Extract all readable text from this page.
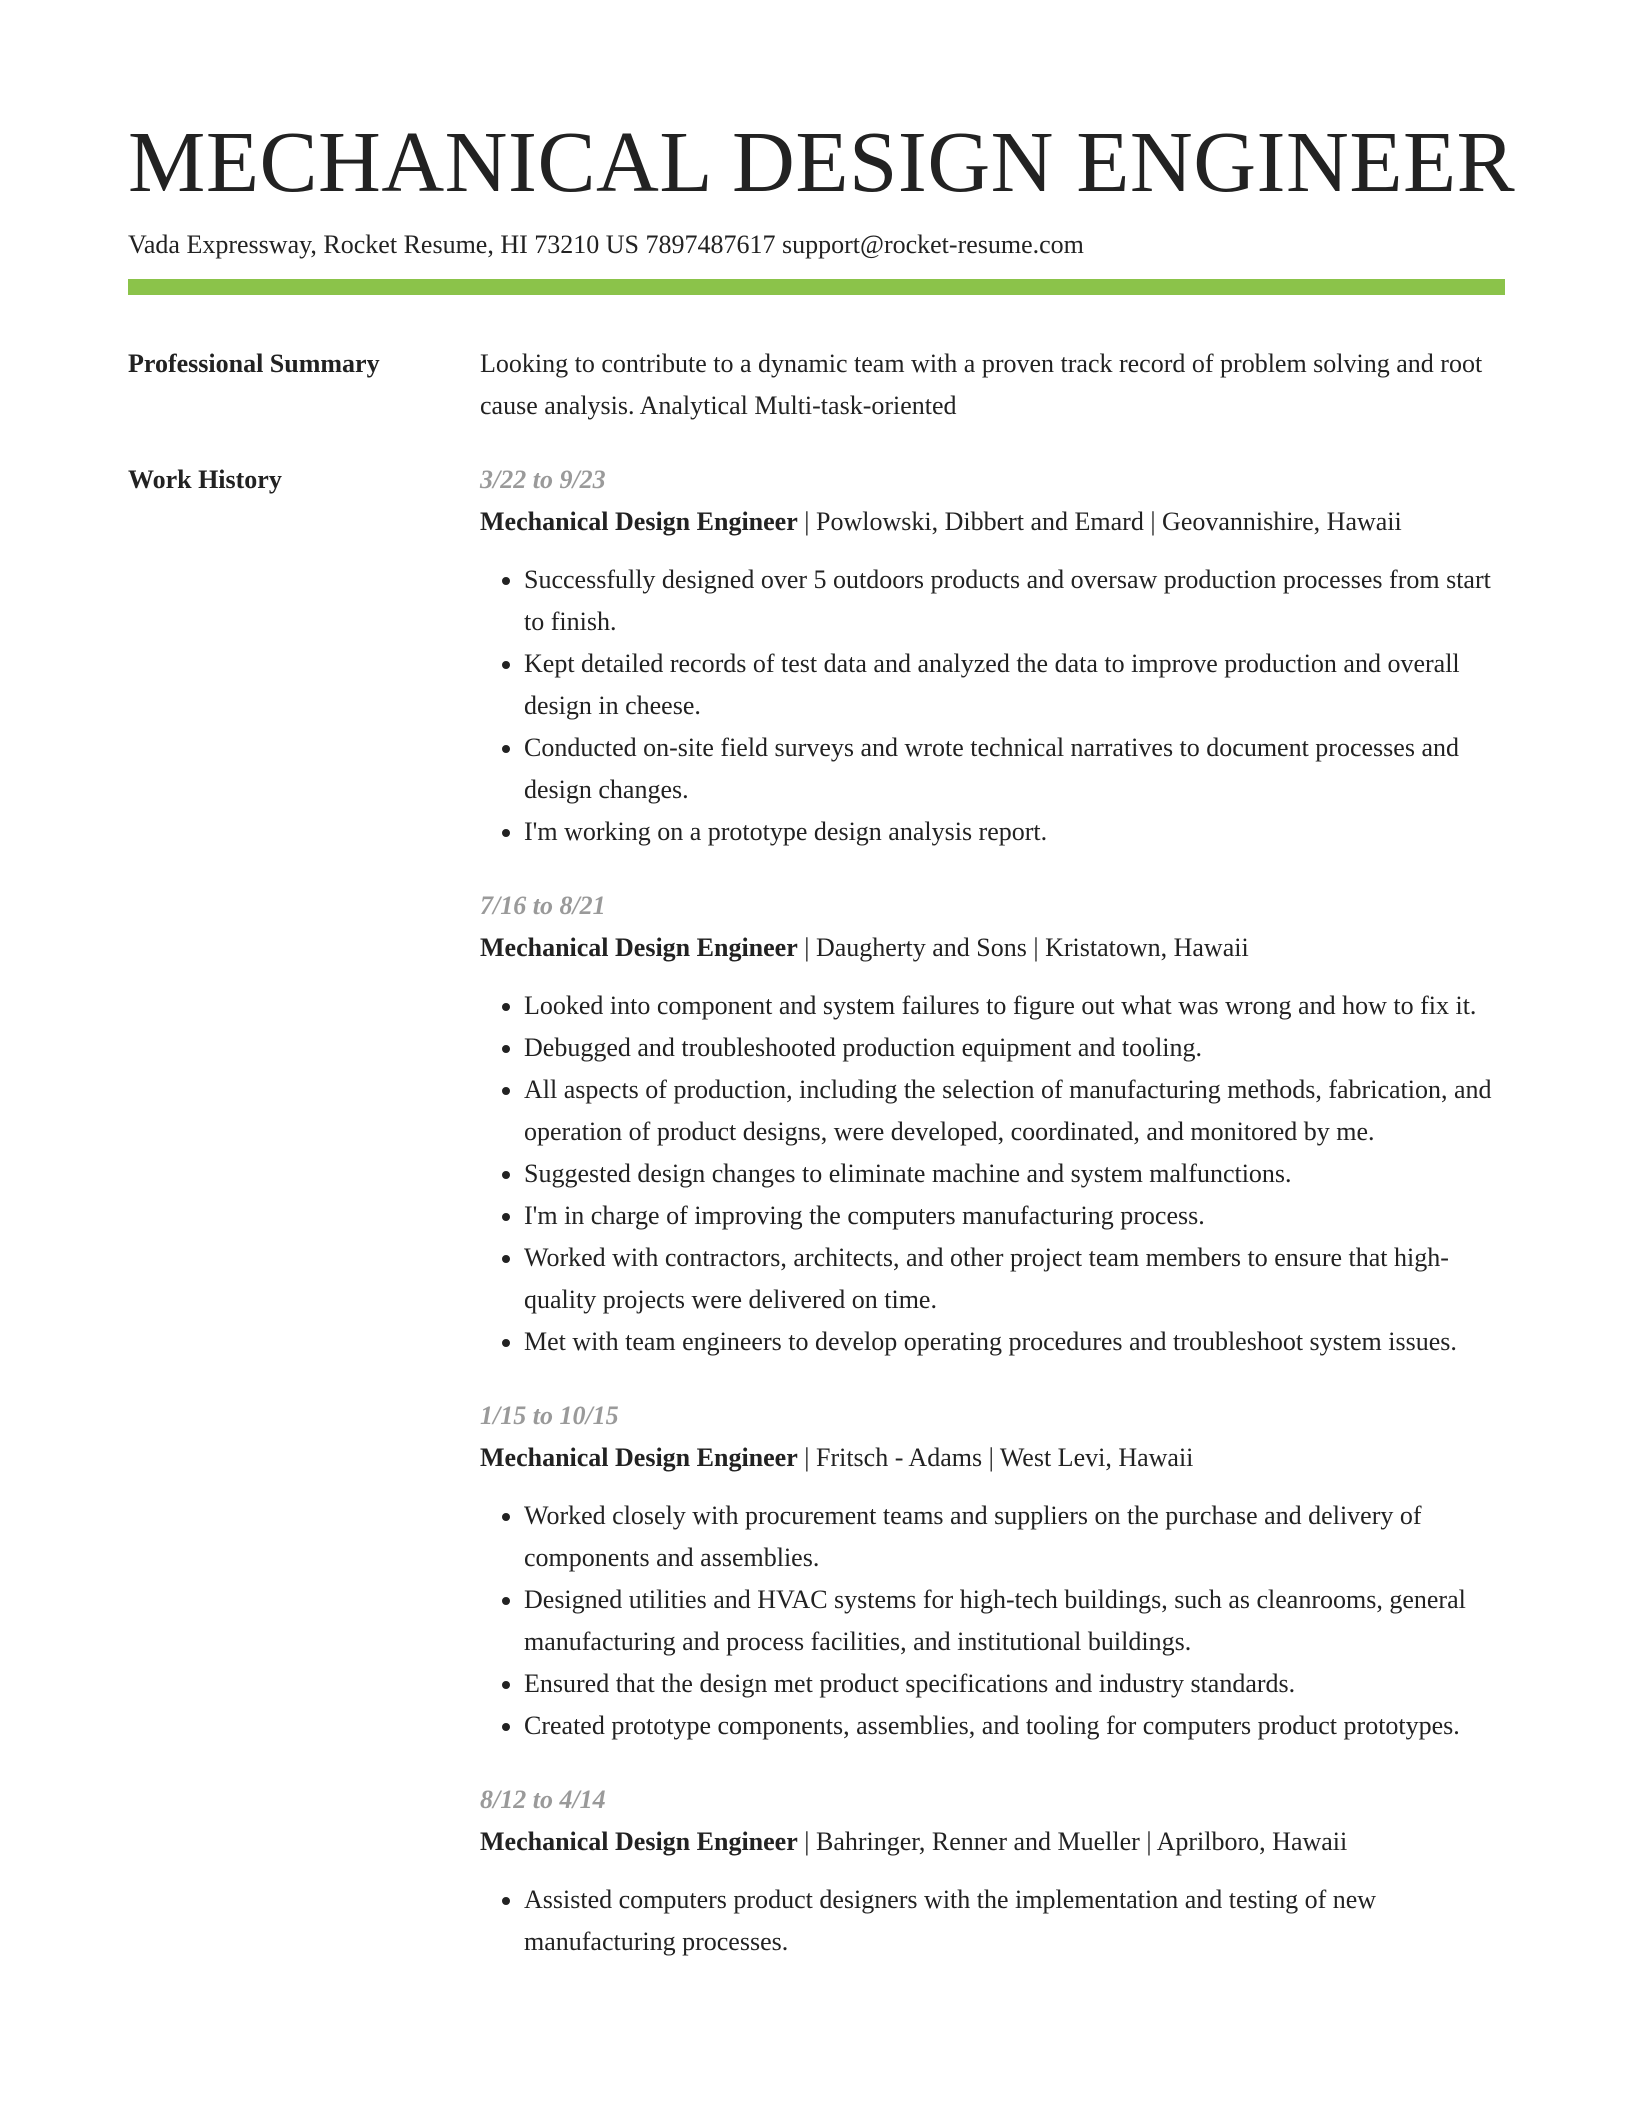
MECHANICAL DESIGN ENGINEER
Vada Expressway, Rocket Resume, HI 73210 US 7897487617 support@rocket-resume.com
Professional Summary	Looking to contribute to a dynamic team with a proven track record of problem solving and root cause analysis. Analytical Multi-task-oriented

Work History	3/22 to 9/23
Mechanical Design Engineer | Powlowski, Dibbert and Emard | Geovannishire, Hawaii
• Successfully designed over 5 outdoors products and oversaw production processes from start to finish.
• Kept detailed records of test data and analyzed the data to improve production and overall design in cheese.
• Conducted on-site field surveys and wrote technical narratives to document processes and design changes.
• I'm working on a prototype design analysis report.
7/16 to 8/21
Mechanical Design Engineer | Daugherty and Sons | Kristatown, Hawaii
• Looked into component and system failures to figure out what was wrong and how to fix it.
• Debugged and troubleshooted production equipment and tooling.
• All aspects of production, including the selection of manufacturing methods, fabrication, and operation of product designs, were developed, coordinated, and monitored by me.
• Suggested design changes to eliminate machine and system malfunctions.
• I'm in charge of improving the computers manufacturing process.
• Worked with contractors, architects, and other project team members to ensure that high-quality projects were delivered on time.
• Met with team engineers to develop operating procedures and troubleshoot system issues.
1/15 to 10/15
Mechanical Design Engineer | Fritsch - Adams | West Levi, Hawaii
• Worked closely with procurement teams and suppliers on the purchase and delivery of components and assemblies.
• Designed utilities and HVAC systems for high-tech buildings, such as cleanrooms, general manufacturing and process facilities, and institutional buildings.
• Ensured that the design met product specifications and industry standards.
• Created prototype components, assemblies, and tooling for computers product prototypes.
8/12 to 4/14
Mechanical Design Engineer | Bahringer, Renner and Mueller | Aprilboro, Hawaii
• Assisted computers product designers with the implementation and testing of new manufacturing processes.
